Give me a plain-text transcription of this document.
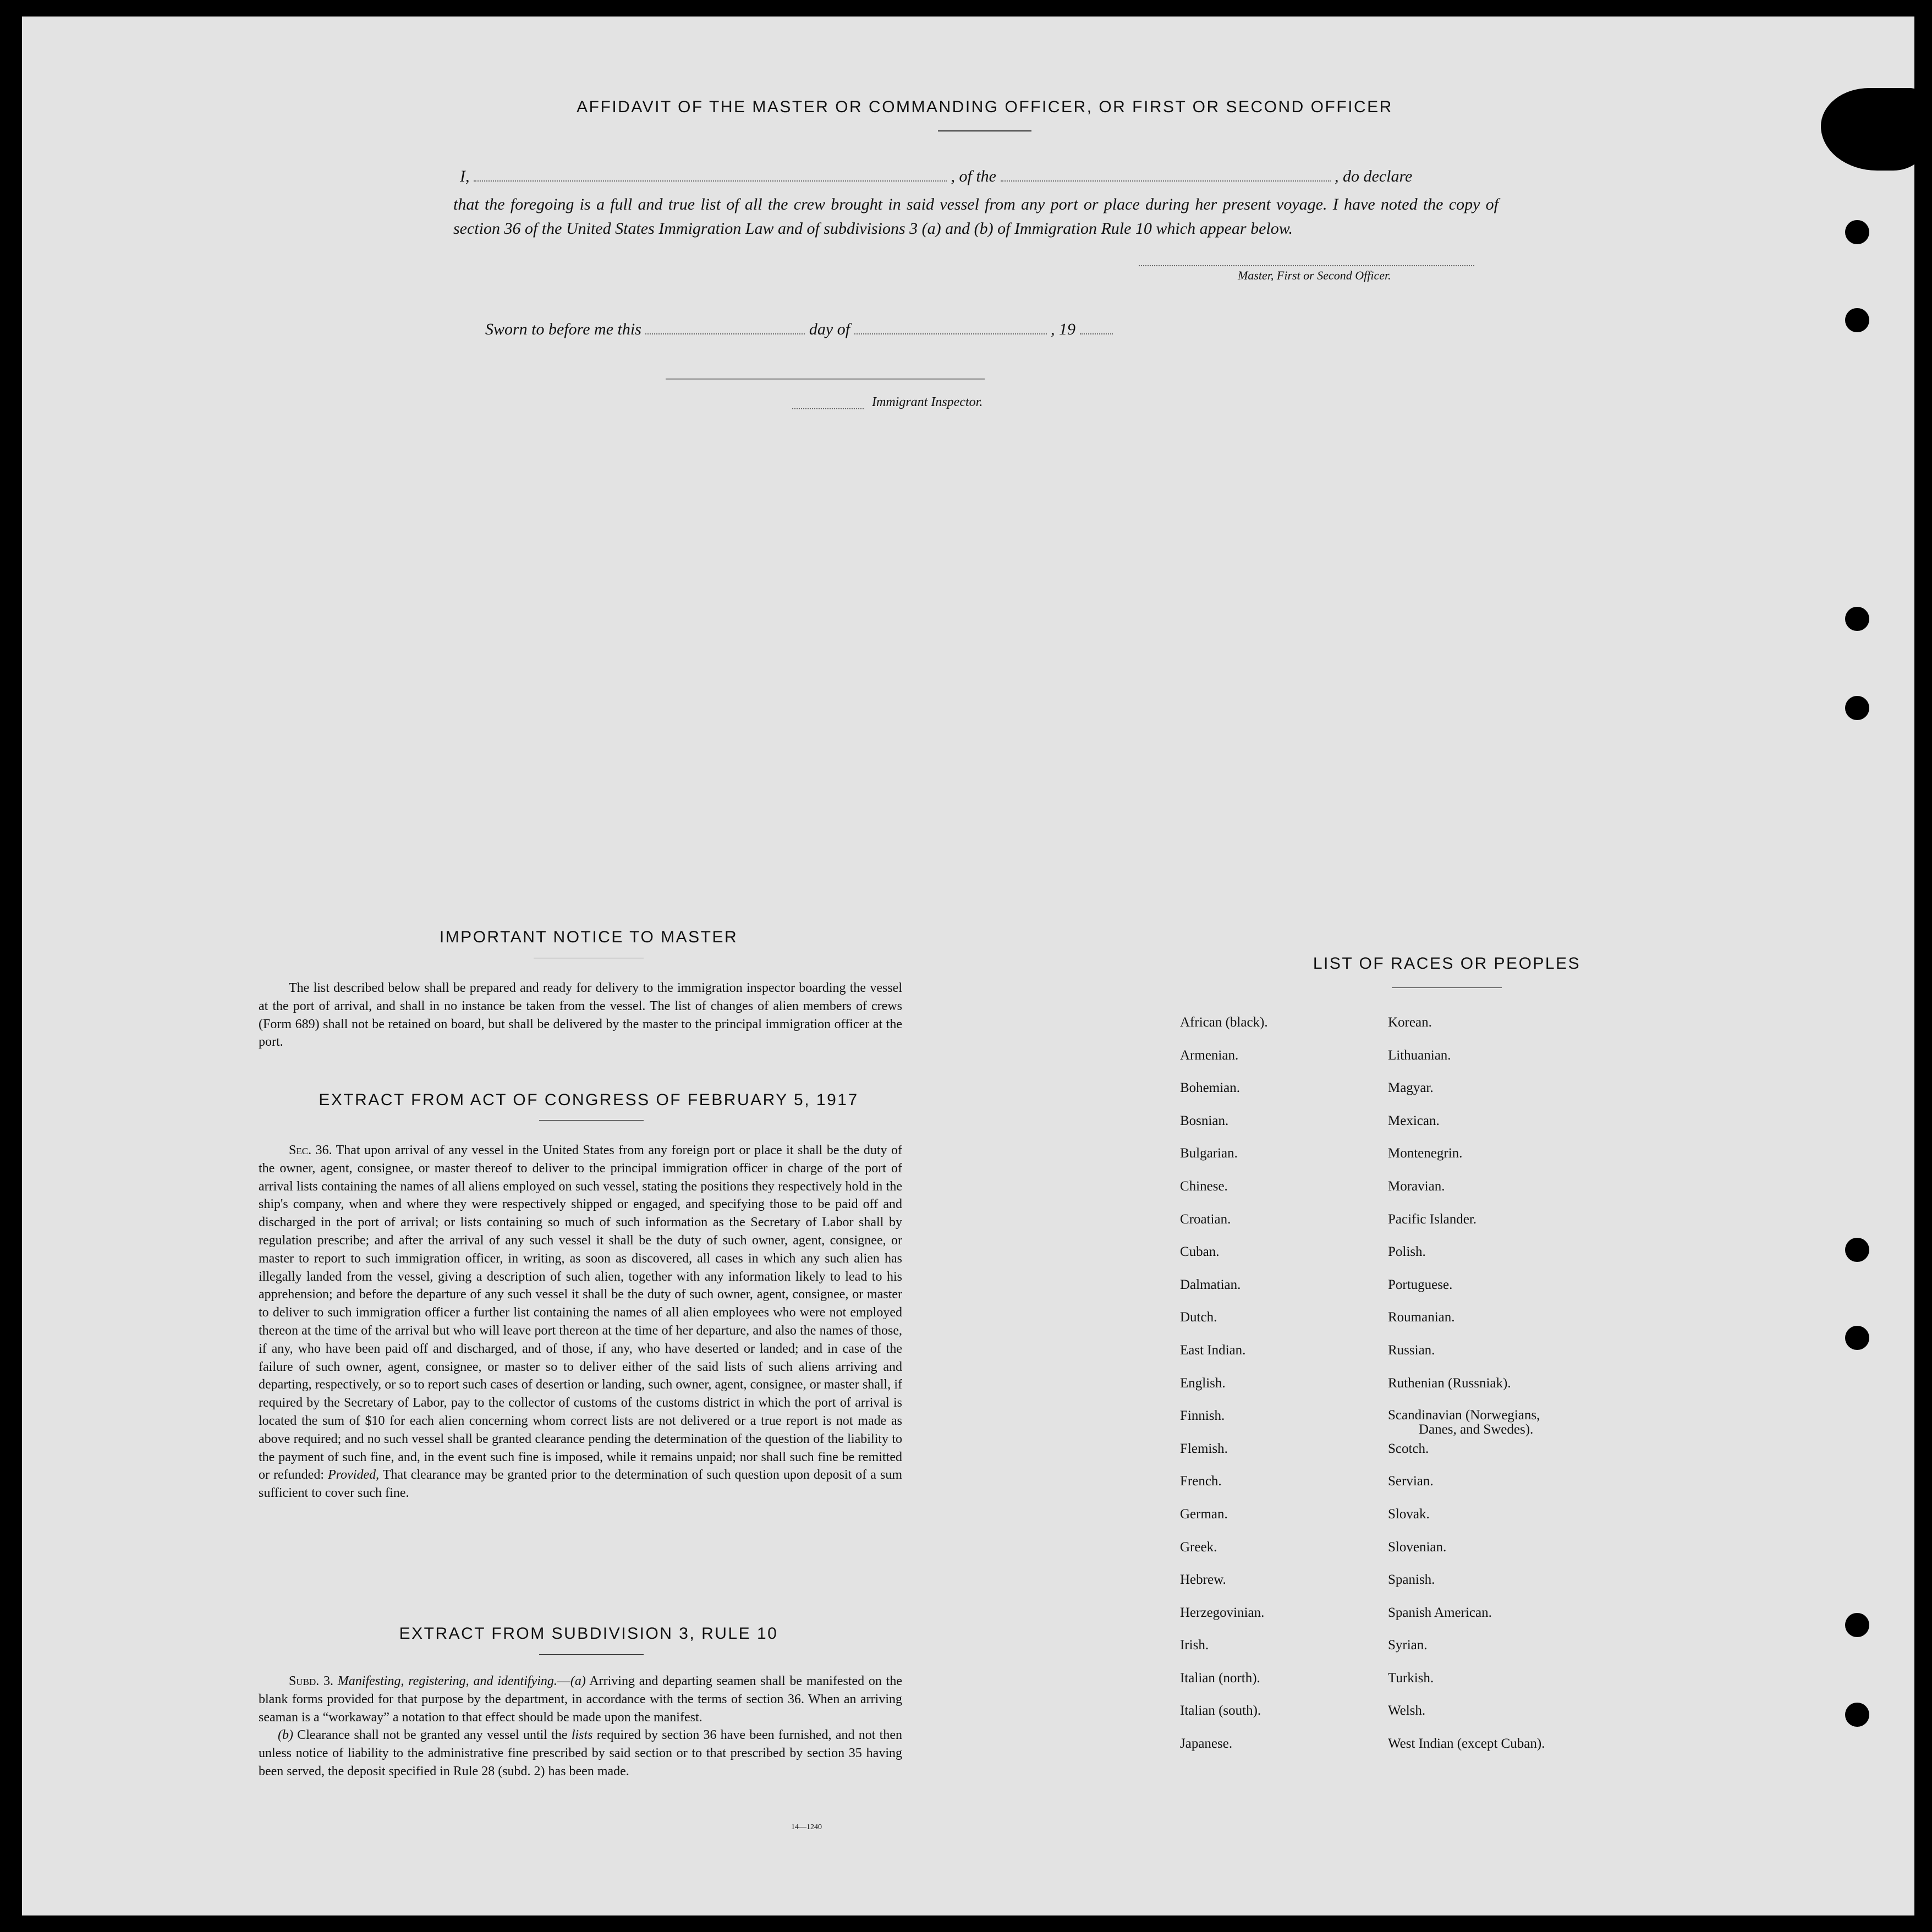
AFFIDAVIT OF THE MASTER OR COMMANDING OFFICER, OR FIRST OR SECOND OFFICER
I,	, of the	, do declare
that the foregoing is a full and true list of all the crew brought in said vessel from any port or place during her present voyage. I have noted the copy of section 36 of the United States Immigration Law and of subdivisions 3 (a) and (b) of Immigration Rule 10 which appear below.
Master, First or Second Officer.
Sworn to before me this	day of	, 19
Immigrant Inspector.

IMPORTANT NOTICE TO MASTER

The list described below shall be prepared and ready for delivery to the immigration inspector boarding the vessel at the port of arrival, and shall in no instance be taken from the vessel. The list of changes of alien members of crews (Form 689) shall not be retained on board, but shall be delivered by the master to the principal immigration officer at the port.

EXTRACT FROM ACT OF CONGRESS OF FEBRUARY 5, 1917

Sec. 36. That upon arrival of any vessel in the United States from any foreign port or place it shall be the duty of the owner, agent, consignee, or master thereof to deliver to the principal immigration officer in charge of the port of arrival lists containing the names of all aliens employed on such vessel, stating the positions they respectively hold in the ship's company, when and where they were respectively shipped or engaged, and specifying those to be paid off and discharged in the port of arrival; or lists containing so much of such information as the Secretary of Labor shall by regulation prescribe; and after the arrival of any such vessel it shall be the duty of such owner, agent, consignee, or master to report to such immigration officer, in writing, as soon as discovered, all cases in which any such alien has illegally landed from the vessel, giving a description of such alien, together with any information likely to lead to his apprehension; and before the departure of any such vessel it shall be the duty of such owner, agent, consignee, or master to deliver to such immigration officer a further list containing the names of all alien employees who were not employed thereon at the time of the arrival but who will leave port thereon at the time of her departure, and also the names of those, if any, who have been paid off and discharged, and of those, if any, who have deserted or landed; and in case of the failure of such owner, agent, consignee, or master so to deliver either of the said lists of such aliens arriving and departing, respectively, or so to report such cases of desertion or landing, such owner, agent, consignee, or master shall, if required by the Secretary of Labor, pay to the collector of customs of the customs district in which the port of arrival is located the sum of $10 for each alien concerning whom correct lists are not delivered or a true report is not made as above required; and no such vessel shall be granted clearance pending the determination of the question of the liability to the payment of such fine, and, in the event such fine is imposed, while it remains unpaid; nor shall such fine be remitted or refunded: Provided, That clearance may be granted prior to the determination of such question upon deposit of a sum sufficient to cover such fine.

EXTRACT FROM SUBDIVISION 3, RULE 10

Subd. 3. Manifesting, registering, and identifying.—(a) Arriving and departing seamen shall be manifested on the blank forms provided for that purpose by the department, in accordance with the terms of section 36. When an arriving seaman is a “workaway” a notation to that effect should be made upon the manifest.

(b) Clearance shall not be granted any vessel until the lists required by section 36 have been furnished, and not then unless notice of liability to the administrative fine prescribed by said section or to that prescribed by section 35 having been served, the deposit specified in Rule 28 (subd. 2) has been made.

14—1240
LIST OF RACES OR PEOPLES
African (black).
Armenian.
Bohemian.
Bosnian.
Bulgarian.
Chinese.
Croatian.
Cuban.
Dalmatian.
Dutch.
East Indian.
English.
Finnish.
Flemish.
French.
German.
Greek.
Hebrew.
Herzegovinian.
Irish.
Italian (north).
Italian (south).
Japanese.
Korean.
Lithuanian.
Magyar.
Mexican.
Montenegrin.
Moravian.
Pacific Islander.
Polish.
Portuguese.
Roumanian.
Russian.
Ruthenian (Russniak).
Scandinavian (Norwegians,
Danes, and Swedes).
Scotch.
Servian.
Slovak.
Slovenian.
Spanish.
Spanish American.
Syrian.
Turkish.
Welsh.
West Indian (except Cuban).
